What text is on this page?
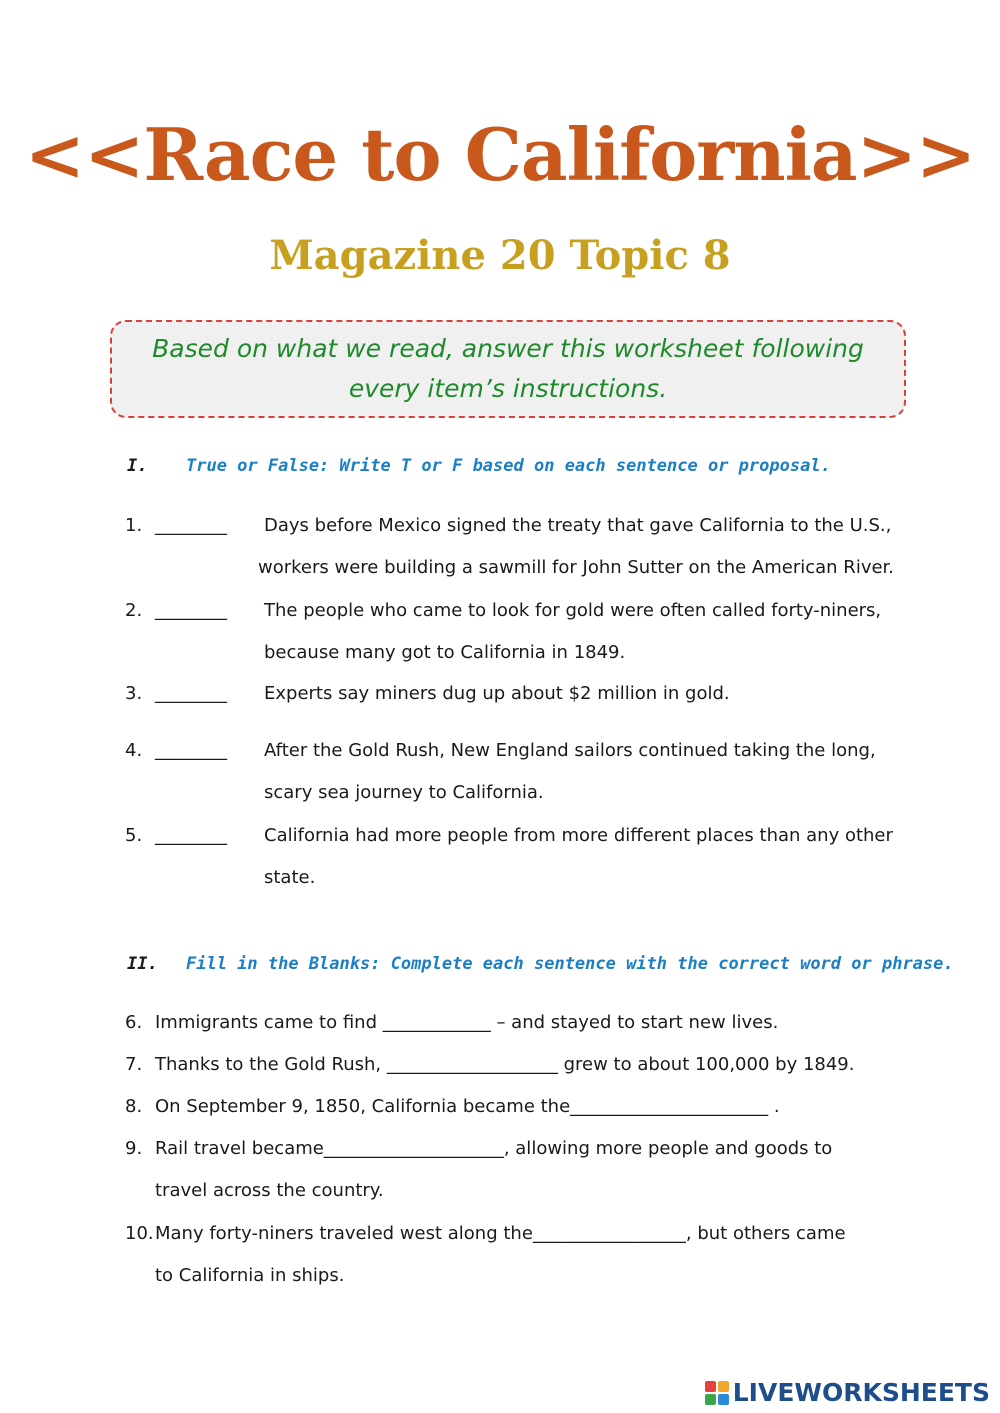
<<Race to California>>
Magazine 20 Topic 8
Based on what we read, answer this worksheet following every item’s instructions.
I.	True or False: Write T or F based on each sentence or proposal.
1. ________	Days before Mexico signed the treaty that gave California to the U.S.,
workers were building a sawmill for John Sutter on the American River.
2. ________	The people who came to look for gold were often called forty-niners,
because many got to California in 1849.
3. ________	Experts say miners dug up about $2 million in gold.
4. ________	After the Gold Rush, New England sailors continued taking the long,
scary sea journey to California.
5. ________	California had more people from more different places than any other
state.
II.	Fill in the Blanks: Complete each sentence with the correct word or phrase.
6. Immigrants came to find ____________ – and stayed to start new lives.
7. Thanks to the Gold Rush, ___________________ grew to about 100,000 by 1849.
8. On September 9, 1850, California became the______________________ .
9. Rail travel became____________________, allowing more people and goods to
travel across the country.
10. Many forty-niners traveled west along the_________________, but others came
to California in ships.
LIVEWORKSHEETS
